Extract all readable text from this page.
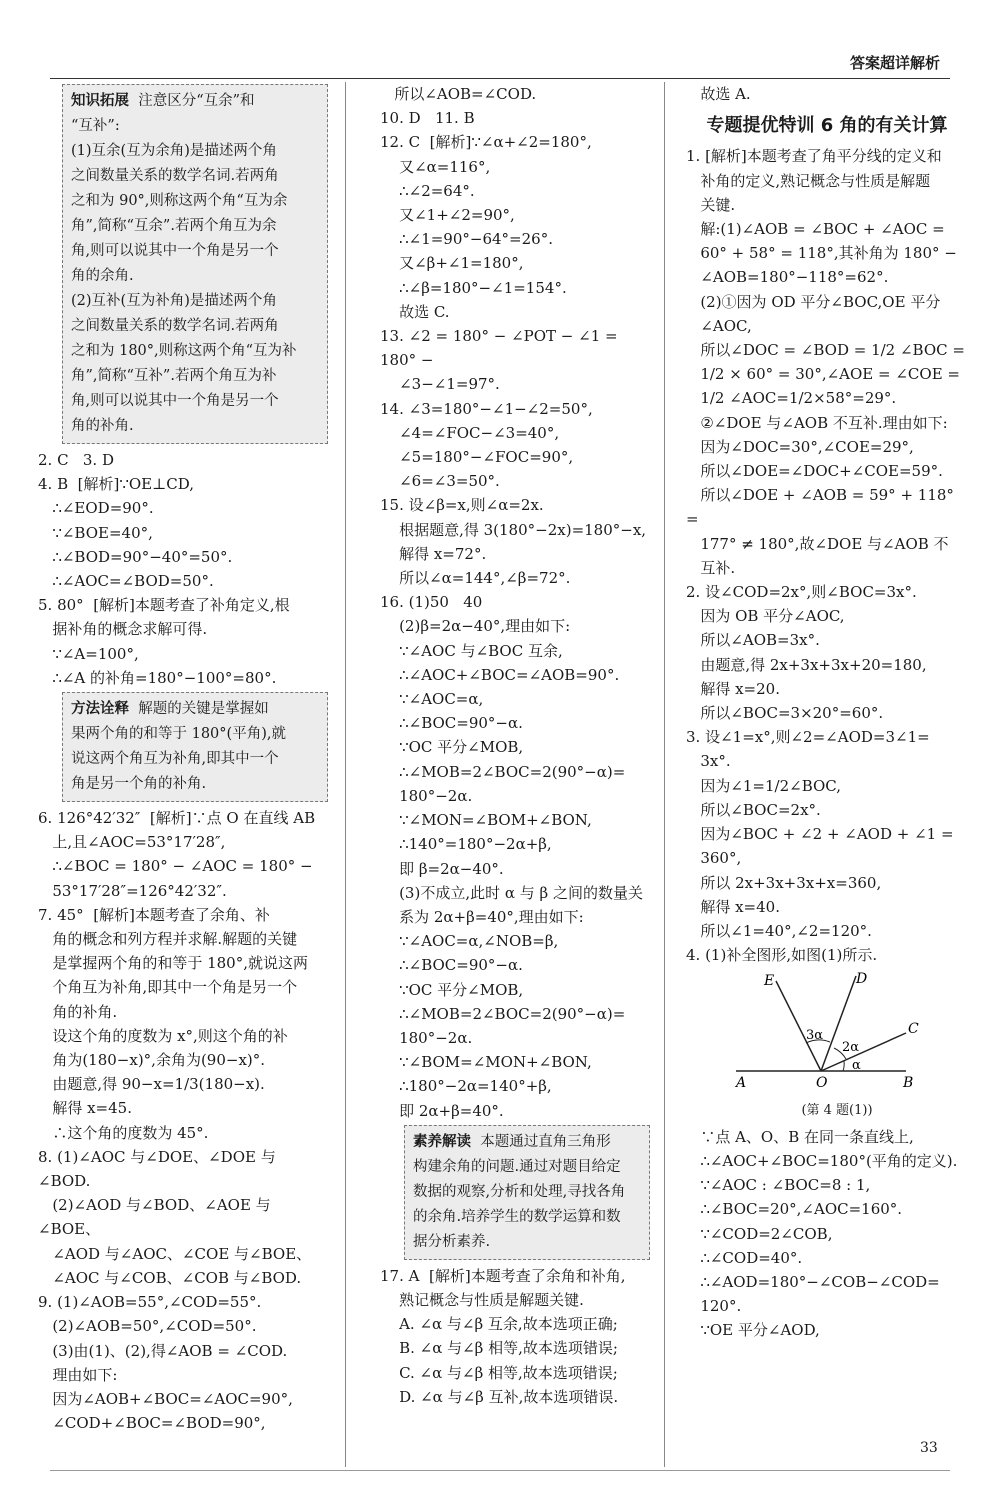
答案超详解析
知识拓展 注意区分“互余”和
“互补”:
(1)互余(互为余角)是描述两个角
之间数量关系的数学名词.若两角
之和为 90°,则称这两个角“互为余
角”,简称“互余”.若两个角互为余
角,则可以说其中一个角是另一个
角的余角.
(2)互补(互为补角)是描述两个角
之间数量关系的数学名词.若两角
之和为 180°,则称这两个角“互为补
角”,简称“互补”.若两个角互为补
角,则可以说其中一个角是另一个
角的补角.
2. C   3. D
4. B  [解析]∵OE⊥CD,
∴∠EOD=90°.
∵∠BOE=40°,
∴∠BOD=90°−40°=50°.
∴∠AOC=∠BOD=50°.
5. 80°  [解析]本题考查了补角定义,根
据补角的概念求解可得.
∵∠A=100°,
∴∠A 的补角=180°−100°=80°.
方法诠释 解题的关键是掌握如
果两个角的和等于 180°(平角),就
说这两个角互为补角,即其中一个
角是另一个角的补角.
6. 126°42′32″  [解析]∵点 O 在直线 AB
上,且∠AOC=53°17′28″,
∴∠BOC = 180° − ∠AOC = 180° −
53°17′28″=126°42′32″.
7. 45°  [解析]本题考查了余角、补
角的概念和列方程并求解.解题的关键
是掌握两个角的和等于 180°,就说这两
个角互为补角,即其中一个角是另一个
角的补角.
设这个角的度数为 x°,则这个角的补
角为(180−x)°,余角为(90−x)°.
由题意,得 90−x=1/3(180−x).
解得 x=45.
∴这个角的度数为 45°.
8. (1)∠AOC 与∠DOE、∠DOE 与∠BOD.
(2)∠AOD 与∠BOD、∠AOE 与∠BOE、
∠AOD 与∠AOC、∠COE 与∠BOE、
∠AOC 与∠COB、∠COB 与∠BOD.
9. (1)∠AOB=55°,∠COD=55°.
(2)∠AOB=50°,∠COD=50°.
(3)由(1)、(2),得∠AOB = ∠COD.
理由如下:
因为∠AOB+∠BOC=∠AOC=90°,
∠COD+∠BOC=∠BOD=90°,
所以∠AOB=∠COD.
10. D   11. B
12. C  [解析]∵∠α+∠2=180°,
又∠α=116°,
∴∠2=64°.
又∠1+∠2=90°,
∴∠1=90°−64°=26°.
又∠β+∠1=180°,
∴∠β=180°−∠1=154°.
故选 C.
13. ∠2 = 180° − ∠POT − ∠1 = 180° −
∠3−∠1=97°.
14. ∠3=180°−∠1−∠2=50°,
∠4=∠FOC−∠3=40°,
∠5=180°−∠FOC=90°,
∠6=∠3=50°.
15. 设∠β=x,则∠α=2x.
根据题意,得 3(180°−2x)=180°−x,
解得 x=72°.
所以∠α=144°,∠β=72°.
16. (1)50   40
(2)β=2α−40°,理由如下:
∵∠AOC 与∠BOC 互余,
∴∠AOC+∠BOC=∠AOB=90°.
∵∠AOC=α,
∴∠BOC=90°−α.
∵OC 平分∠MOB,
∴∠MOB=2∠BOC=2(90°−α)=
180°−2α.
∵∠MON=∠BOM+∠BON,
∴140°=180°−2α+β,
即 β=2α−40°.
(3)不成立,此时 α 与 β 之间的数量关
系为 2α+β=40°,理由如下:
∵∠AOC=α,∠NOB=β,
∴∠BOC=90°−α.
∵OC 平分∠MOB,
∴∠MOB=2∠BOC=2(90°−α)=
180°−2α.
∵∠BOM=∠MON+∠BON,
∴180°−2α=140°+β,
即 2α+β=40°.
素养解读 本题通过直角三角形
构建余角的问题.通过对题目给定
数据的观察,分析和处理,寻找各角
的余角.培养学生的数学运算和数
据分析素养.
17. A  [解析]本题考查了余角和补角,
熟记概念与性质是解题关键.
A. ∠α 与∠β 互余,故本选项正确;
B. ∠α 与∠β 相等,故本选项错误;
C. ∠α 与∠β 相等,故本选项错误;
D. ∠α 与∠β 互补,故本选项错误.
故选 A.
专题提优特训 6 角的有关计算
1. [解析]本题考查了角平分线的定义和
补角的定义,熟记概念与性质是解题
关键.
解:(1)∠AOB = ∠BOC + ∠AOC =
60° + 58° = 118°,其补角为 180° −
∠AOB=180°−118°=62°.
(2)①因为 OD 平分∠BOC,OE 平分
∠AOC,
所以∠DOC = ∠BOD = 1/2 ∠BOC =
1/2 × 60° = 30°,∠AOE = ∠COE =
1/2 ∠AOC=1/2×58°=29°.
②∠DOE 与∠AOB 不互补.理由如下:
因为∠DOC=30°,∠COE=29°,
所以∠DOE=∠DOC+∠COE=59°.
所以∠DOE + ∠AOB = 59° + 118° =
177° ≠ 180°,故∠DOE 与∠AOB 不
互补.
2. 设∠COD=2x°,则∠BOC=3x°.
因为 OB 平分∠AOC,
所以∠AOB=3x°.
由题意,得 2x+3x+3x+20=180,
解得 x=20.
所以∠BOC=3×20°=60°.
3. 设∠1=x°,则∠2=∠AOD=3∠1=
3x°.
因为∠1=1/2∠BOC,
所以∠BOC=2x°.
因为∠BOC + ∠2 + ∠AOD + ∠1 =
360°,
所以 2x+3x+3x+x=360,
解得 x=40.
所以∠1=40°,∠2=120°.
4. (1)补全图形,如图(1)所示.
E	D
C
A	O	B
3α
2α
α
(第 4 题(1))
∵点 A、O、B 在同一条直线上,
∴∠AOC+∠BOC=180°(平角的定义).
∵∠AOC : ∠BOC=8 : 1,
∴∠BOC=20°,∠AOC=160°.
∵∠COD=2∠COB,
∴∠COD=40°.
∴∠AOD=180°−∠COB−∠COD=
120°.
∵OE 平分∠AOD,
33
